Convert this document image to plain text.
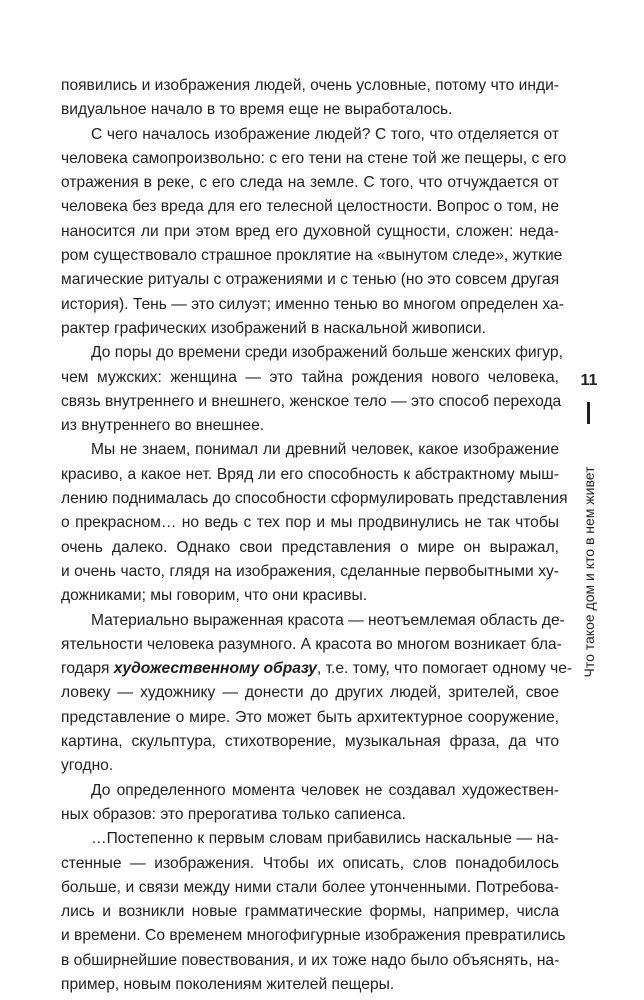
появились и изображения людей, очень условные, потому что инди-
видуальное начало в то время еще не выработалось.
С чего началось изображение людей? С того, что отделяется от
человека самопроизвольно: с его тени на стене той же пещеры, с его
отражения в реке, с его следа на земле. С того, что отчуждается от
человека без вреда для его телесной целостности. Вопрос о том, не
наносится ли при этом вред его духовной сущности, сложен: неда-
ром существовало страшное проклятие на «вынутом следе», жуткие
магические ритуалы с отражениями и с тенью (но это совсем другая
история). Тень — это силуэт; именно тенью во многом определен ха-
рактер графических изображений в наскальной живописи.
До поры до времени среди изображений больше женских фигур,
чем мужских: женщина — это тайна рождения нового человека,
связь внутреннего и внешнего, женское тело — это способ перехода
из внутреннего во внешнее.
Мы не знаем, понимал ли древний человек, какое изображение
красиво, а какое нет. Вряд ли его способность к абстрактному мыш-
лению поднималась до способности сформулировать представления
о прекрасном… но ведь с тех пор и мы продвинулись не так чтобы
очень далеко. Однако свои представления о мире он выражал,
и очень часто, глядя на изображения, сделанные первобытными ху-
дожниками; мы говорим, что они красивы.
Материально выраженная красота — неотъемлемая область де-
ятельности человека разумного. А красота во многом возникает бла-
годаря художественному образу, т.е. тому, что помогает одному че-
ловеку — художнику — донести до других людей, зрителей, свое
представление о мире. Это может быть архитектурное сооружение,
картина, скульптура, стихотворение, музыкальная фраза, да что
угодно.
До определенного момента человек не создавал художествен-
ных образов: это прерогатива только сапиенса.
…Постепенно к первым словам прибавились наскальные — на-
стенные — изображения. Чтобы их описать, слов понадобилось
больше, и связи между ними стали более утонченными. Потребова-
лись и возникли новые грамматические формы, например, числа
и времени. Со временем многофигурные изображения превратились
в обширнейшие повествования, и их тоже надо было объяснять, на-
пример, новым поколениям жителей пещеры.
11
Что такое дом и кто в нем живет
